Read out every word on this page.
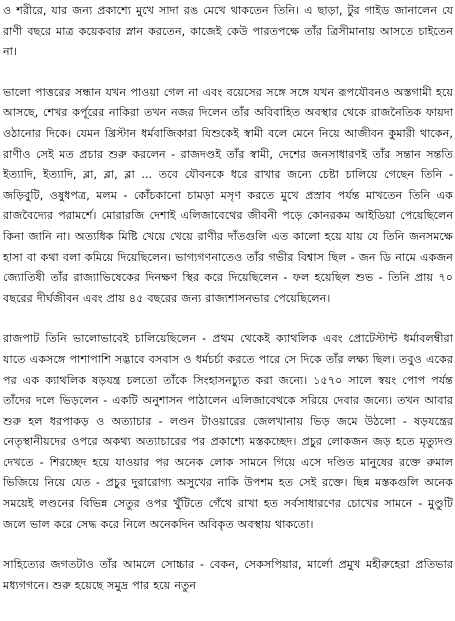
ও শরীরে, যার জন্য প্রকাশ্যে মুখে সাদা রঙ মেখে থাকতেন তিনি। এ ছাড়া, টুর গাইড জানালেন যে রাণী বছরে মাত্র কয়েকবার স্নান করতেন, কাজেই কেউ পারতপক্ষে তাঁর ত্রিসীমানায় আসতে চাইতেন না।

ভালো পাত্তরের সন্ধান যখন পাওয়া গেল না এবং বয়েসের সঙ্গে সঙ্গে যখন রূপযৌবনও অস্তগামী হয়ে আসছে, শেখর কর্পূরের নাকিরা তখন নজর দিলেন তাঁর অবিবাহিত অবস্থার থেকে রাজনৈতিক ফায়দা ওঠানোর দিকে। যেমন খ্রিস্টান ধর্মবাজিকারা যিশুকেই স্বামী বলে মেনে নিয়ে আজীবন কুমারী থাকেন, রাণীও সেই মত প্রচার শুরু করলেন - রাজদণ্ডই তাঁর স্বামী, দেশের জনসাধারণই তাঁর সন্তান সন্ততি ইত্যাদি, ইত্যাদি, ব্লা, ব্লা, ব্লা ... তবে যৌবনকে ধরে রাখার জন্যে চেষ্টা চালিয়ে গেছেন তিনি - জড়িবুটি, ওষুধপত্র, মলম - কোঁচকানো চামড়া মসৃণ করতে মুখে প্রস্রাব পর্যন্ত মাখতেন তিনি এক রাজবৈদ্যের পরামর্শে। মোরারজি দেশাই এলিজাবেথের জীবনী পড়ে কোনরকম আইডিয়া পেয়েছিলেন কিনা জানি না। অত্যধিক মিষ্টি খেয়ে খেয়ে রাণীর দাঁতগুলি এত কালো হয়ে যায় যে তিনি জনসমক্ষে হাসা বা কথা বলা কমিয়ে দিয়েছিলেন। ভাগ্যগণনাতেও তাঁর গভীর বিশ্বাস ছিল - জন ডি নামে একজন জ্যোতিষী তাঁর রাজ্যাভিষেকের দিনক্ষণ স্থির করে দিয়েছিলেন - ফল হয়েছিল শুভ - তিনি প্রায় ৭০ বছরের দীর্ঘজীবন এবং প্রায় ৪৫ বছরের জন্য রাজ্যশাসনভার পেয়েছিলেন।

রাজপাট তিনি ভালোভাবেই চালিয়েছিলেন - প্রথম থেকেই ক্যাথলিক এবং প্রোটেস্টান্ট ধর্মাবলম্বীরা যাতে একসঙ্গে পাশাপাশি সদ্ভাবে বসবাস ও ধর্মচর্চা করতে পারে সে দিকে তাঁর লক্ষ্য ছিল। তবুও একের পর এক ক্যাথলিক ষড়যন্ত্র চলতো তাঁকে সিংহাসনচ্যুত করা জন্যে। ১৫৭০ সালে স্বয়ং পোপ পর্যন্ত তাঁদের দলে ভিড়লেন - একটি অনুশাসন পাঠালেন এলিজাবেথকে সরিয়ে দেবার জন্যে। তখন আবার শুরু হল ধরপাকড় ও অত্যাচার - লণ্ডন টাওয়ারের জেলখানায় ভিড় জমে উঠলো - ষড়যন্ত্রের নেতৃস্থানীয়দের ওপরে অকথ্য অত্যাচারের পর প্রকাশ্যে মস্তকচ্ছেদ। প্রচুর লোকজন জড় হতে মৃত্যুদণ্ড দেখতে - শিরচ্ছেদ হয়ে যাওয়ার পর অনেক লোক সামনে গিয়ে এসে দণ্ডিত মানুষের রক্তে রুমাল ভিজিয়ে নিয়ে যেত - প্রচুর দুরারোগ্য অসুখের নাকি উপশম হত সেই রক্তে। ছিন্ন মস্তকগুলি অনেক সময়েই লণ্ডনের বিভিন্ন সেতুর ওপর খুঁটিতে গেঁথে রাখা হত সর্বসাধারণের চোখের সামনে - মুণ্ডুটি জলে ভাল করে সেদ্ধ করে নিলে অনেকদিন অবিকৃত অবস্থায় থাকতো।

সাহিত্যের জগতটাও তাঁর আমলে সোচ্চার - বেকন, সেকসপিয়ার, মার্লো প্রমুখ মহীরুহেরা প্রতিভার মধ্যগগনে। শুরু হয়েছে সমুদ্র পার হয়ে নতুন
